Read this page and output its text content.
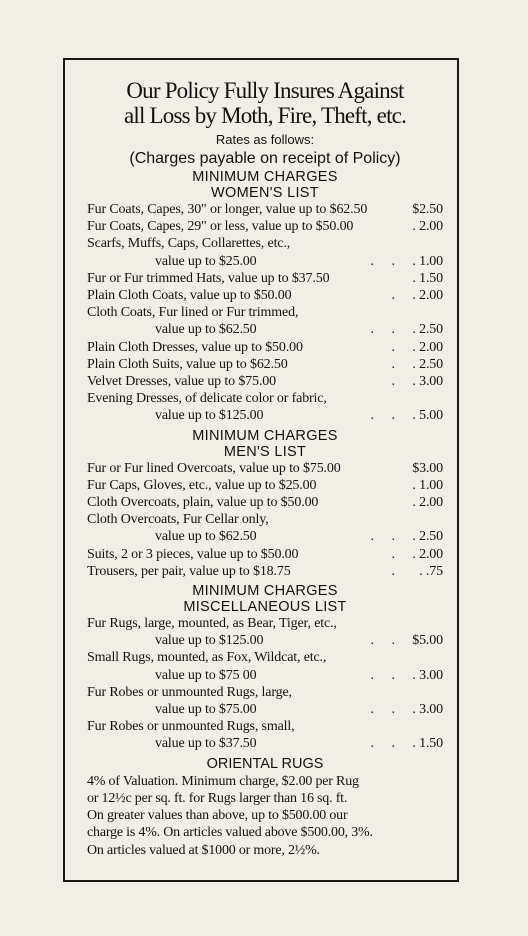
Our Policy Fully Insures Against
all Loss by Moth, Fire, Theft, etc.
Rates as follows:
(Charges payable on receipt of Policy)
MINIMUM CHARGES
WOMEN'S LIST
Fur Coats, Capes, 30" or longer, value up to $62.50	$2.50
Fur Coats, Capes, 29" or less, value up to $50.00	. 2.00
Scarfs, Muffs, Caps, Collarettes, etc.,
value up to $25.00	.     .	. 1.00
Fur or Fur trimmed Hats, value up to $37.50	. 1.50
Plain Cloth Coats, value up to $50.00	.	. 2.00
Cloth Coats, Fur lined or Fur trimmed,
value up to $62.50	.     .	. 2.50
Plain Cloth Dresses, value up to $50.00	.	. 2.00
Plain Cloth Suits, value up to $62.50	.	. 2.50
Velvet Dresses, value up to $75.00	.	. 3.00
Evening Dresses, of delicate color or fabric,
value up to $125.00	.     .	. 5.00
MINIMUM CHARGES
MEN'S LIST
Fur or Fur lined Overcoats, value up to $75.00	$3.00
Fur Caps, Gloves, etc., value up to $25.00	. 1.00
Cloth Overcoats, plain, value up to $50.00	. 2.00
Cloth Overcoats, Fur Cellar only,
value up to $62.50	.     .	. 2.50
Suits, 2 or 3 pieces, value up to $50.00	.	. 2.00
Trousers, per pair, value up to $18.75	.	. .75
MINIMUM CHARGES
MISCELLANEOUS LIST
Fur Rugs, large, mounted, as Bear, Tiger, etc.,
value up to $125.00	.     .	$5.00
Small Rugs, mounted, as Fox, Wildcat, etc.,
value up to $75 00	.     .	. 3.00
Fur Robes or unmounted Rugs, large,
value up to $75.00	.     .	. 3.00
Fur Robes or unmounted Rugs, small,
value up to $37.50	.     .	. 1.50
ORIENTAL RUGS
4% of Valuation. Minimum charge, $2.00 per Rug
or 12½c per sq. ft. for Rugs larger than 16 sq. ft.
On greater values than above, up to $500.00 our
charge is 4%. On articles valued above $500.00, 3%.
On articles valued at $1000 or more, 2½%.
